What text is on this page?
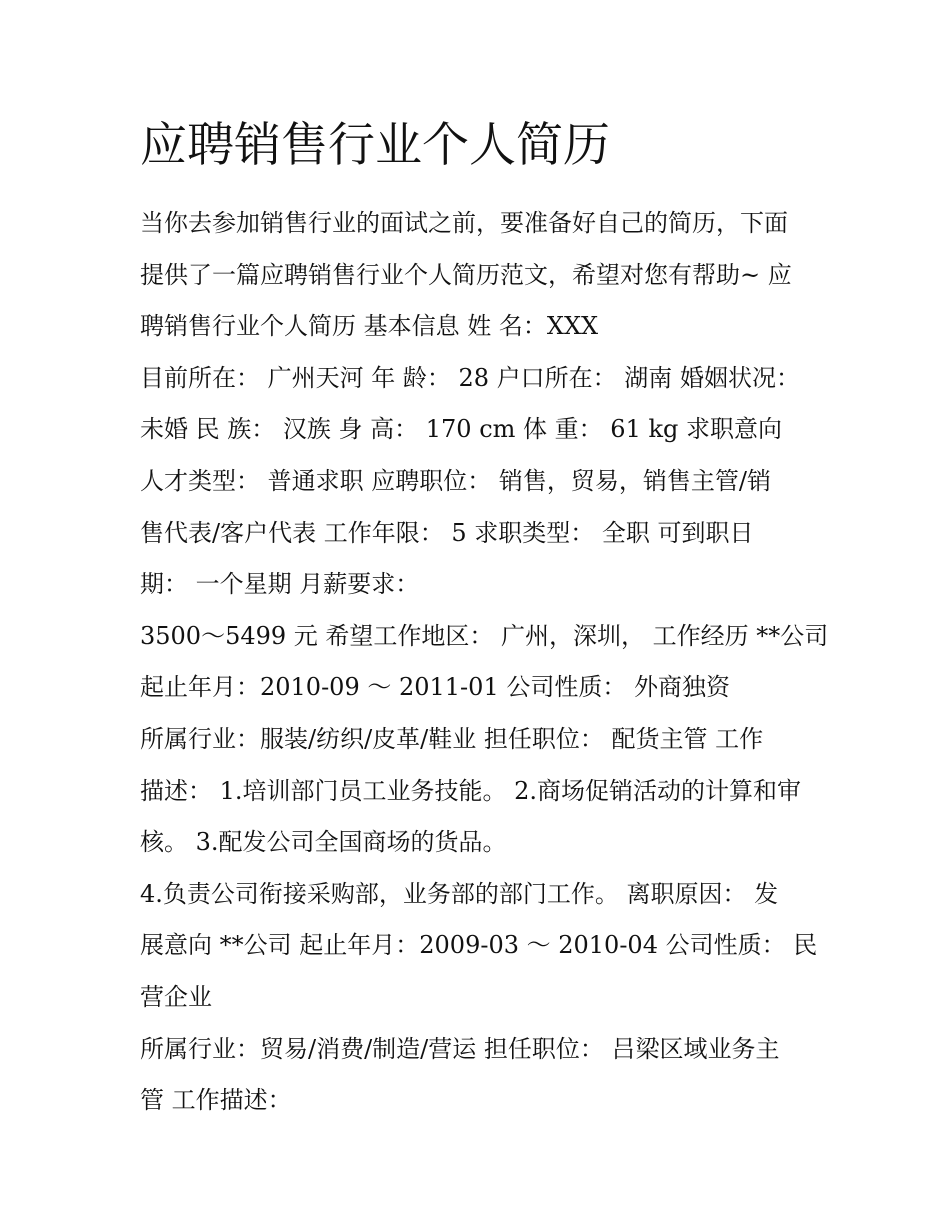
应聘销售行业个人简历
当你去参加销售行业的面试之前，要准备好自己的简历，下面
提供了一篇应聘销售行业个人简历范文，希望对您有帮助~ 应
聘销售行业个人简历 基本信息 姓 名：XXX
目前所在： 广州天河 年 龄： 28 户口所在： 湖南 婚姻状况：
未婚 民 族： 汉族 身 高： 170 cm 体 重： 61 kg 求职意向
人才类型： 普通求职 应聘职位： 销售，贸易，销售主管/销
售代表/客户代表 工作年限： 5 求职类型： 全职 可到职日
期： 一个星期 月薪要求：
3500～5499 元 希望工作地区： 广州，深圳， 工作经历 **公司
起止年月：2010-09 ～ 2011-01 公司性质： 外商独资
所属行业：服装/纺织/皮革/鞋业 担任职位： 配货主管 工作
描述： 1.培训部门员工业务技能。 2.商场促销活动的计算和审
核。 3.配发公司全国商场的货品。
4.负责公司衔接采购部，业务部的部门工作。 离职原因： 发
展意向 **公司 起止年月：2009-03 ～ 2010-04 公司性质： 民
营企业
所属行业：贸易/消费/制造/营运 担任职位： 吕梁区域业务主
管 工作描述：
